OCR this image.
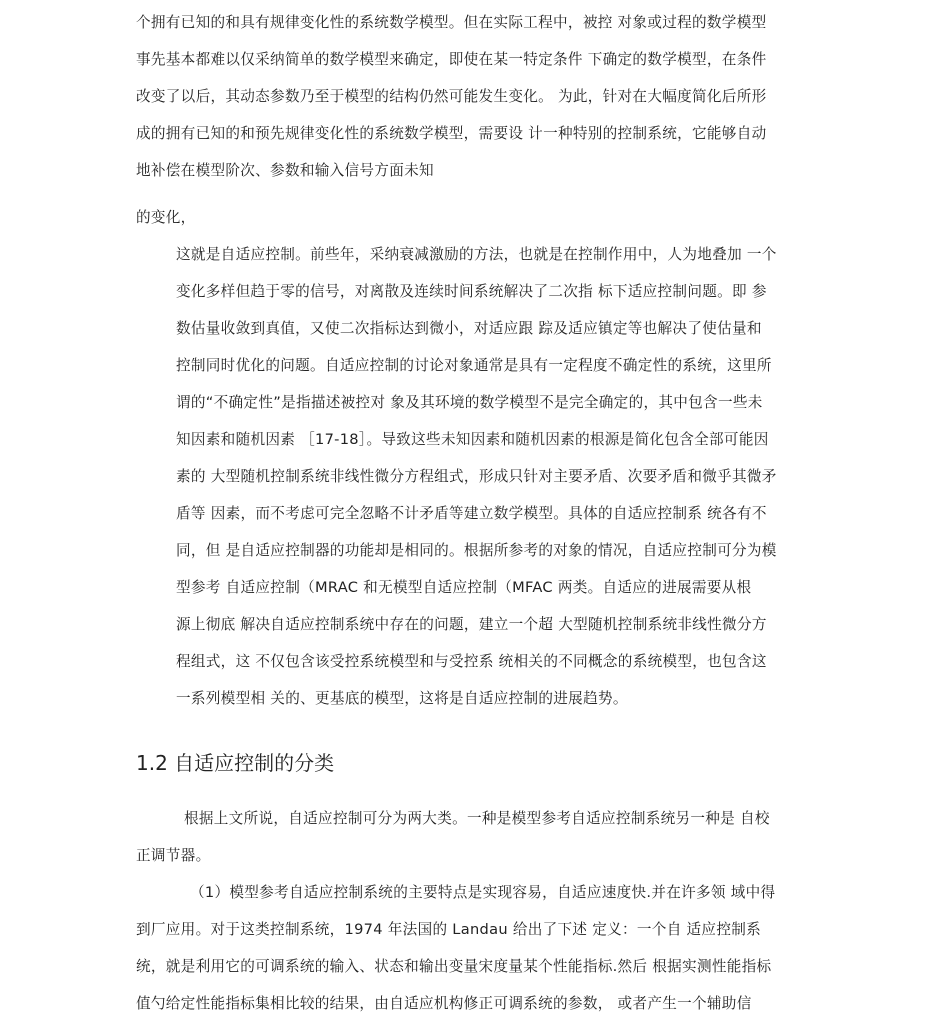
个拥有已知的和具有规律变化性的系统数学模型。但在实际工程中，被控 对象或过程的数学模型
事先基本都难以仅采纳简单的数学模型来确定，即使在某一特定条件 下确定的数学模型，在条件
改变了以后，其动态参数乃至于模型的结构仍然可能发生变化。 为此，针对在大幅度简化后所形
成的拥有已知的和预先规律变化性的系统数学模型，需要设 计一种特别的控制系统，它能够自动
地补偿在模型阶次、参数和输入信号方面未知
的变化，
这就是自适应控制。前些年，采纳衰减激励的方法，也就是在控制作用中，人为地叠加 一个
变化多样但趋于零的信号，对离散及连续时间系统解决了二次指 标下适应控制问题。即 参
数估量收敛到真值，又使二次指标达到微小，对适应跟 踪及适应镇定等也解决了使估量和
控制同时优化的问题。自适应控制的讨论对象通常是具有一定程度不确定性的系统，这里所
谓的“不确定性”是指描述被控对 象及其环境的数学模型不是完全确定的，其中包含一些未
知因素和随机因素 ［17-18］。导致这些未知因素和随机因素的根源是简化包含全部可能因
素的 大型随机控制系统非线性微分方程组式，形成只针对主要矛盾、次要矛盾和微乎其微矛
盾等 因素，而不考虑可完全忽略不计矛盾等建立数学模型。具体的自适应控制系 统各有不
同，但 是自适应控制器的功能却是相同的。根据所参考的对象的情况，自适应控制可分为模
型参考 自适应控制（MRAC 和无模型自适应控制（MFAC 两类。自适应的进展需要从根
源上彻底 解决自适应控制系统中存在的问题，建立一个超 大型随机控制系统非线性微分方
程组式，这 不仅包含该受控系统模型和与受控系 统相关的不同概念的系统模型，也包含这
一系列模型相 关的、更基底的模型，这将是自适应控制的进展趋势。
1.2 自适应控制的分类
根据上文所说，自适应控制可分为两大类。一种是模型参考自适应控制系统另一种是 自校
正调节器。
（1）模型参考自适应控制系统的主要特点是实现容易，自适应速度快.并在许多领 域中得
到厂应用。对于这类控制系统，1974 年法国的 Landau 给出了下述 定义：一个自 适应控制系
统，就是利用它的可调系统的输入、状态和输出变量宋度量某个性能指标.然后 根据实测性能指标
值勺给定性能指标集相比较的结果，由自适应机构修正可调系统的参数， 或者产生一个辅助信
